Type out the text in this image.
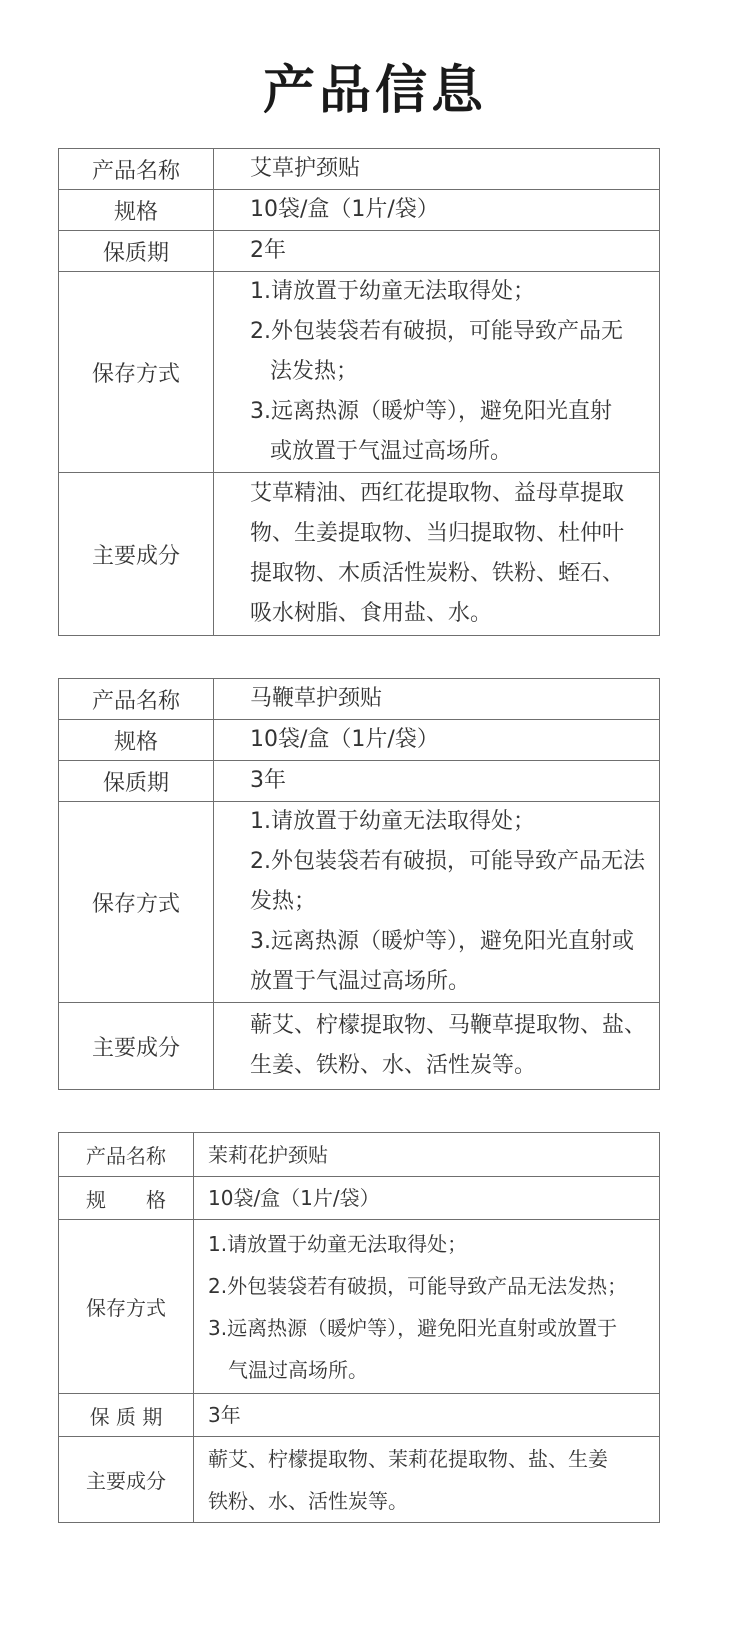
产品信息
产品名称	艾草护颈贴

规格	10袋/盒（1片/袋）

保质期	2年

保存方式	1.请放置于幼童无法取得处；
2.外包装袋若有破损，可能导致产品无
法发热；
3.远离热源（暖炉等），避免阳光直射
或放置于气温过高场所。

主要成分	艾草精油、西红花提取物、益母草提取
物、生姜提取物、当归提取物、杜仲叶
提取物、木质活性炭粉、铁粉、蛭石、
吸水树脂、食用盐、水。
产品名称	马鞭草护颈贴

规格	10袋/盒（1片/袋）

保质期	3年

保存方式	1.请放置于幼童无法取得处；
2.外包装袋若有破损，可能导致产品无法
发热；
3.远离热源（暖炉等），避免阳光直射或
放置于气温过高场所。

主要成分	蕲艾、柠檬提取物、马鞭草提取物、盐、
生姜、铁粉、水、活性炭等。
产品名称	茉莉花护颈贴

规　　格	10袋/盒（1片/袋）

保存方式	1.请放置于幼童无法取得处；
2.外包装袋若有破损，可能导致产品无法发热；
3.远离热源（暖炉等），避免阳光直射或放置于
气温过高场所。

保 质 期	3年

主要成分	蕲艾、柠檬提取物、茉莉花提取物、盐、生姜
铁粉、水、活性炭等。
